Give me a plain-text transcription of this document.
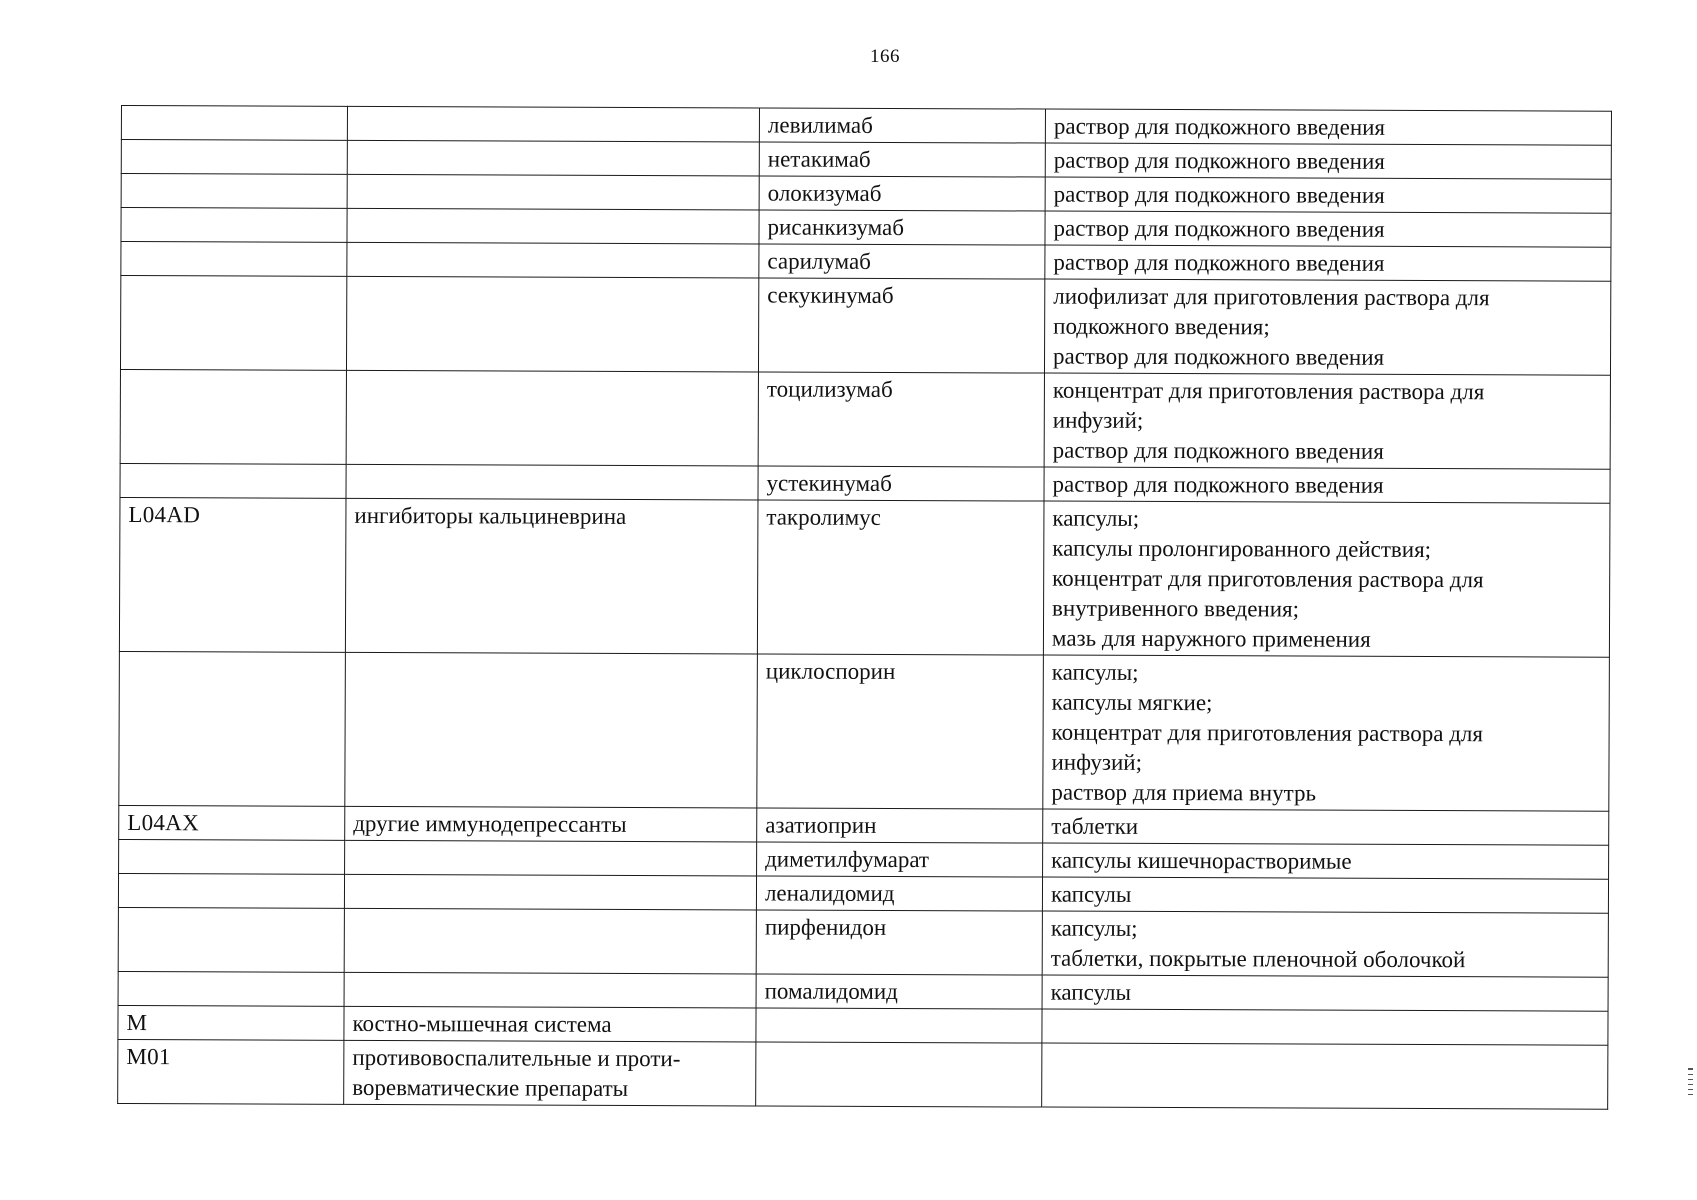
166
		левилимаб	раствор для подкожного введения
		нетакимаб	раствор для подкожного введения
		олокизумаб	раствор для подкожного введения
		рисанкизумаб	раствор для подкожного введения
		сарилумаб	раствор для подкожного введения
		секукинумаб	лиофилизат для приготовления раствора для
подкожного введения;
раствор для подкожного введения
		тоцилизумаб	концентрат для приготовления раствора для
инфузий;
раствор для подкожного введения
		устекинумаб	раствор для подкожного введения
L04AD	ингибиторы кальциневрина	такролимус	капсулы;
капсулы пролонгированного действия;
концентрат для приготовления раствора для
внутривенного введения;
мазь для наружного применения
		циклоспорин	капсулы;
капсулы мягкие;
концентрат для приготовления раствора для
инфузий;
раствор для приема внутрь
L04AX	другие иммунодепрессанты	азатиоприн	таблетки
		диметилфумарат	капсулы кишечнорастворимые
		леналидомид	капсулы
		пирфенидон	капсулы;
таблетки, покрытые пленочной оболочкой
		помалидомид	капсулы
M	костно-мышечная система		
M01	противовоспалительные и проти-
воревматические препараты		
